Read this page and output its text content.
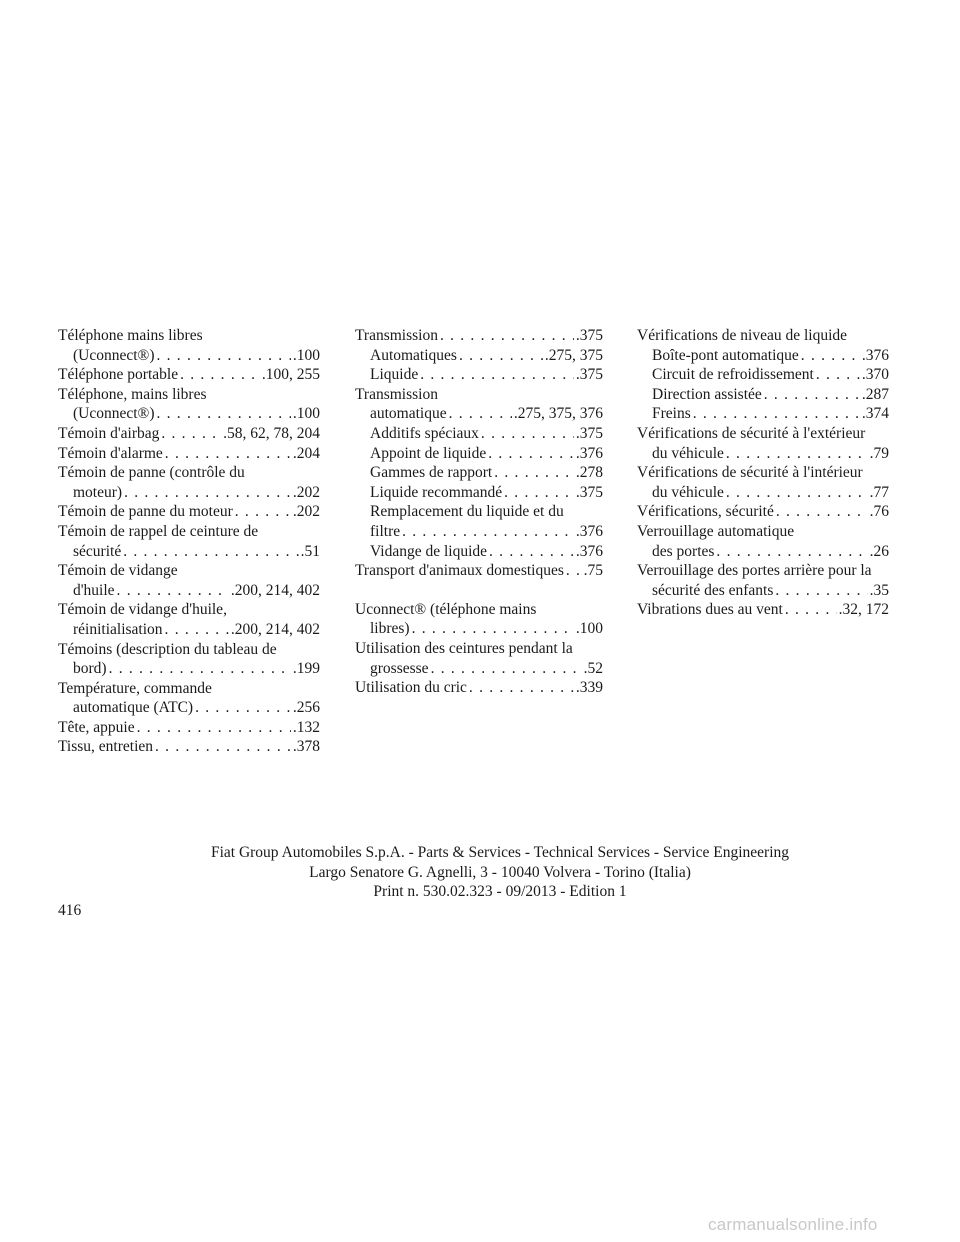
Téléphone mains libres
(Uconnect®) . . .	.100
Téléphone portable . . .	.100, 255
Téléphone, mains libres
(Uconnect®) . . .	.100
Témoin d'airbag . . .	.58, 62, 78, 204
Témoin d'alarme . . .	.204
Témoin de panne (contrôle du
moteur) . . .	.202
Témoin de panne du moteur . . .	.202
Témoin de rappel de ceinture de
sécurité . . .	.51
Témoin de vidange
d'huile . . .	.200, 214, 402
Témoin de vidange d'huile,
réinitialisation . . .	.200, 214, 402
Témoins (description du tableau de
bord) . . .	.199
Température, commande
automatique (ATC) . . .	.256
Tête, appuie . . .	.132
Tissu, entretien . . .	.378
Transmission . . .	.375
Automatiques . . .	.275, 375
Liquide . . .	.375
Transmission
automatique . . .	.275, 375, 376
Additifs spéciaux . . .	.375
Appoint de liquide . . .	.376
Gammes de rapport . . .	.278
Liquide recommandé . . .	.375
Remplacement du liquide et du
filtre . . .	.376
Vidange de liquide . . .	.376
Transport d'animaux domestiques . . . .75
Uconnect® (téléphone mains
libres) . . .	.100
Utilisation des ceintures pendant la
grossesse . . .	.52
Utilisation du cric . . .	.339
Vérifications de niveau de liquide
Boîte-pont automatique . . .	.376
Circuit de refroidissement . . .	.370
Direction assistée . . .	.287
Freins . . .	.374
Vérifications de sécurité à l'extérieur
du véhicule . . .	.79
Vérifications de sécurité à l'intérieur
du véhicule . . .	.77
Vérifications, sécurité . . .	.76
Verrouillage automatique
des portes . . .	.26
Verrouillage des portes arrière pour la
sécurité des enfants . . .	.35
Vibrations dues au vent . . .	.32, 172
Fiat Group Automobiles S.p.A. - Parts & Services - Technical Services - Service Engineering
Largo Senatore G. Agnelli, 3 - 10040 Volvera - Torino (Italia)
Print n. 530.02.323 - 09/2013 - Edition 1
416
carmanualsonline.info
